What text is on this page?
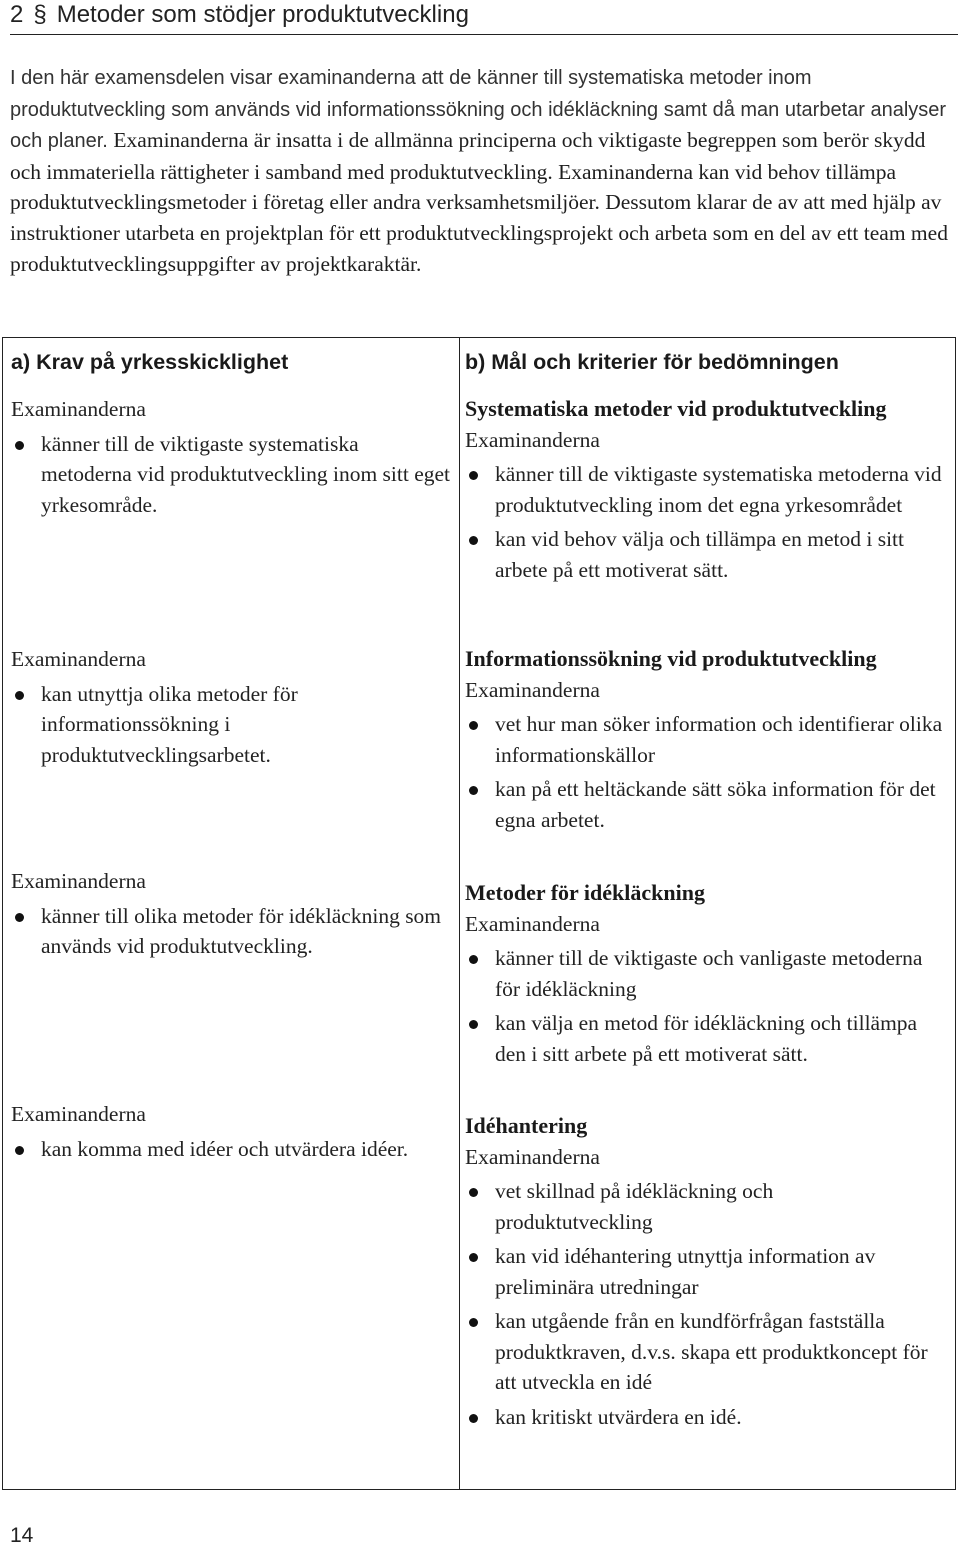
2 § Metoder som stödjer produktutveckling
I den här examensdelen visar examinanderna att de känner till systematiska metoder inom produktutveckling som används vid informationssökning och idékläckning samt då man utarbetar analyser och planer. Examinanderna är insatta i de allmänna principerna och viktigaste begreppen som berör skydd och immateriella rättigheter i samband med produktutveckling. Examinanderna kan vid behov tillämpa produktutvecklingsmetoder i företag eller andra verksamhetsmiljöer. Dessutom klarar de av att med hjälp av instruktioner utarbeta en projektplan för ett produktutvecklingsprojekt och arbeta som en del av ett team med produktutvecklingsuppgifter av projektkaraktär.
a) Krav på yrkesskicklighet
Examinanderna
känner till de viktigaste systematiska metoderna vid produktutveckling inom sitt eget yrkesområde.
Examinanderna
kan utnyttja olika metoder för informationssökning i produktutvecklingsarbetet.
Examinanderna
känner till olika metoder för idékläckning som används vid produktutveckling.
Examinanderna
kan komma med idéer och utvärdera idéer.
b) Mål och kriterier för bedömningen
Systematiska metoder vid produktutveckling
Examinanderna
känner till de viktigaste systematiska metoderna vid produktutveckling inom det egna yrkesområdet
kan vid behov välja och tillämpa en metod i sitt arbete på ett motiverat sätt.
Informationssökning vid produktutveckling
Examinanderna
vet hur man söker information och identifierar olika informationskällor
kan på ett heltäckande sätt söka information för det egna arbetet.
Metoder för idékläckning
Examinanderna
känner till de viktigaste och vanligaste metoderna för idékläckning
kan välja en metod för idékläckning och tillämpa den i sitt arbete på ett motiverat sätt.
Idéhantering
Examinanderna
vet skillnad på idékläckning och produktutveckling
kan vid idéhantering utnyttja information av preliminära utredningar
kan utgående från en kundförfrågan fastställa produktkraven, d.v.s. skapa ett produktkoncept för att utveckla en idé
kan kritiskt utvärdera en idé.
14
